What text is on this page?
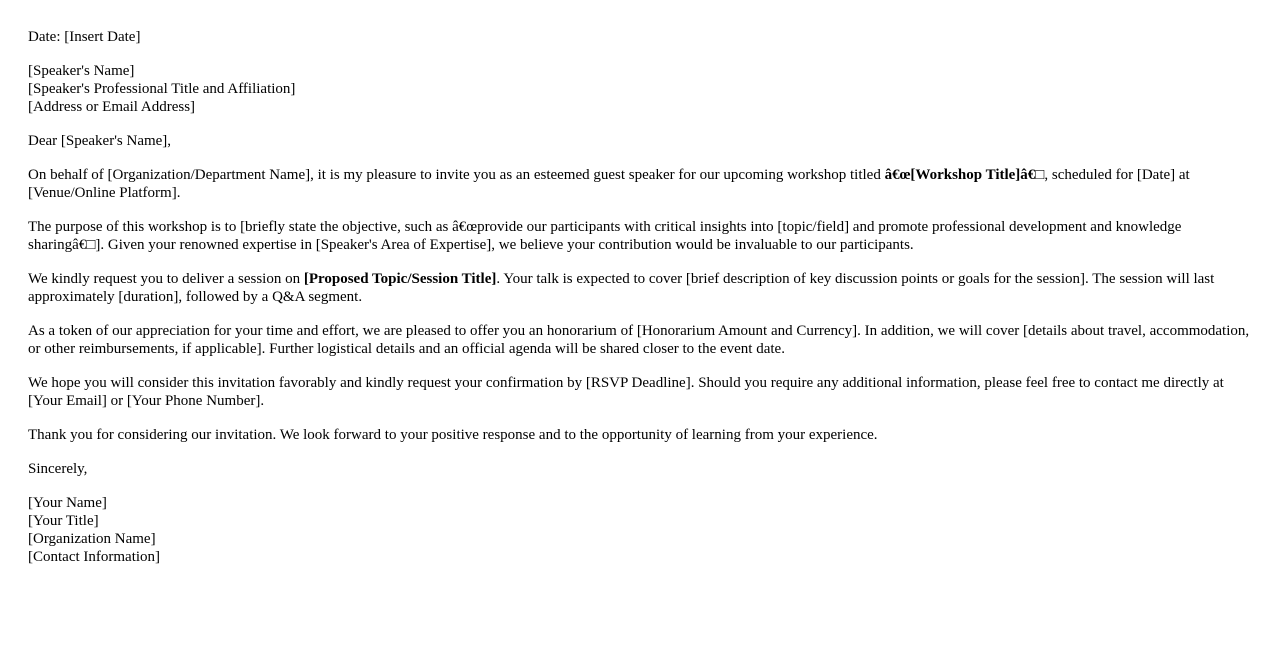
Date: [Insert Date]
[Speaker's Name]
[Speaker's Professional Title and Affiliation]
[Address or Email Address]

Dear [Speaker's Name],

On behalf of [Organization/Department Name], it is my pleasure to invite you as an esteemed guest speaker for our upcoming workshop titled â€œ[Workshop Title]â€□, scheduled for [Date] at [Venue/Online Platform].

The purpose of this workshop is to [briefly state the objective, such as â€œprovide our participants with critical insights into [topic/field] and promote professional development and knowledge sharingâ€□]. Given your renowned expertise in [Speaker's Area of Expertise], we believe your contribution would be invaluable to our participants.

We kindly request you to deliver a session on [Proposed Topic/Session Title]. Your talk is expected to cover [brief description of key discussion points or goals for the session]. The session will last approximately [duration], followed by a Q&A segment.

As a token of our appreciation for your time and effort, we are pleased to offer you an honorarium of [Honorarium Amount and Currency]. In addition, we will cover [details about travel, accommodation, or other reimbursements, if applicable]. Further logistical details and an official agenda will be shared closer to the event date.

We hope you will consider this invitation favorably and kindly request your confirmation by [RSVP Deadline]. Should you require any additional information, please feel free to contact me directly at [Your Email] or [Your Phone Number].

Thank you for considering our invitation. We look forward to your positive response and to the opportunity of learning from your experience.

Sincerely,

[Your Name]
[Your Title]
[Organization Name]
[Contact Information]
